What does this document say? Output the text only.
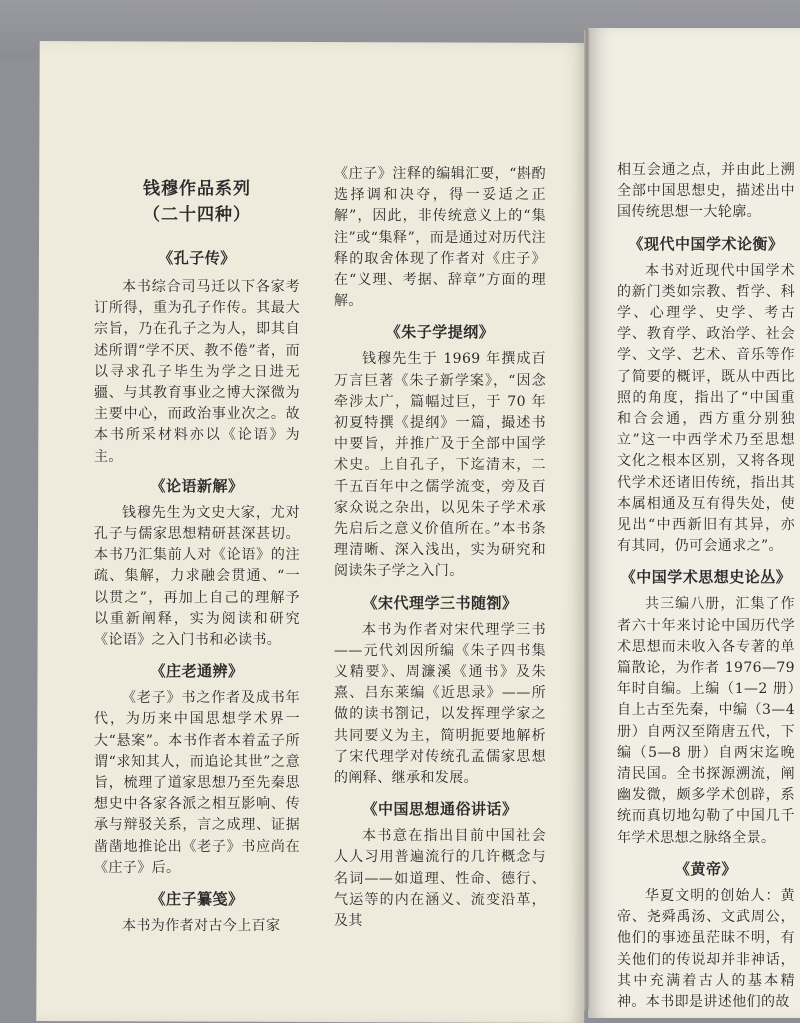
钱穆作品系列
（二十四种）
《孔子传》

本书综合司马迁以下各家考订所得，重为孔子作传。其最大宗旨，乃在孔子之为人，即其自述所谓“学不厌、教不倦”者，而以寻求孔子毕生为学之日进无疆、与其教育事业之博大深微为主要中心，而政治事业次之。故本书所采材料亦以《论语》为主。

《论语新解》

钱穆先生为文史大家，尤对孔子与儒家思想精研甚深甚切。本书乃汇集前人对《论语》的注疏、集解，力求融会贯通、“一以贯之”，再加上自己的理解予以重新阐释，实为阅读和研究《论语》之入门书和必读书。

《庄老通辨》

《老子》书之作者及成书年代，为历来中国思想学术界一大“悬案”。本书作者本着孟子所谓“求知其人，而追论其世”之意旨，梳理了道家思想乃至先秦思想史中各家各派之相互影响、传承与辩驳关系，言之成理、证据凿凿地推论出《老子》书应尚在《庄子》后。

《庄子纂笺》

本书为作者对古今上百家

《庄子》注释的编辑汇要，“斟酌选择调和决夺，得一妥适之正解”，因此，非传统意义上的“集注”或“集释”，而是通过对历代注释的取舍体现了作者对《庄子》在“义理、考据、辞章”方面的理解。

《朱子学提纲》

钱穆先生于 1969 年撰成百万言巨著《朱子新学案》，“因念牵涉太广，篇幅过巨，于 70 年初夏特撰《提纲》一篇，撮述书中要旨，并推广及于全部中国学术史。上自孔子，下迄清末，二千五百年中之儒学流变，旁及百家众说之杂出，以见朱子学术承先启后之意义价值所在。”本书条理清晰、深入浅出，实为研究和阅读朱子学之入门。

《宋代理学三书随劄》

本书为作者对宋代理学三书——元代刘因所编《朱子四书集义精要》、周濂溪《通书》及朱熹、吕东莱编《近思录》——所做的读书劄记，以发挥理学家之共同要义为主，简明扼要地解析了宋代理学对传统孔孟儒家思想的阐释、继承和发展。

《中国思想通俗讲话》

本书意在指出目前中国社会人人习用普遍流行的几许概念与名词——如道理、性命、德行、气运等的内在涵义、流变沿革，及其

相互会通之点，并由此上溯全部中国思想史，描述出中国传统思想一大轮廓。

《现代中国学术论衡》

本书对近现代中国学术的新门类如宗教、哲学、科学、心理学、史学、考古学、教育学、政治学、社会学、文学、艺术、音乐等作了简要的概评，既从中西比照的角度，指出了“中国重和合会通，西方重分别独立”这一中西学术乃至思想文化之根本区别，又将各现代学术还诸旧传统，指出其本属相通及互有得失处，使见出“中西新旧有其异，亦有其同，仍可会通求之”。

《中国学术思想史论丛》

共三编八册，汇集了作者六十年来讨论中国历代学术思想而未收入各专著的单篇散论，为作者 1976—79 年时自编。上编（1—2 册）自上古至先秦，中编（3—4 册）自两汉至隋唐五代，下编（5—8 册）自两宋迄晚清民国。全书探源溯流，阐幽发微，颇多学术创辟，系统而真切地勾勒了中国几千年学术思想之脉络全景。

《黄帝》

华夏文明的创始人：黄帝、尧舜禹汤、文武周公，他们的事迹虽茫昧不明，有关他们的传说却并非神话，其中充满着古人的基本精神。本书即是讲述他们的故
